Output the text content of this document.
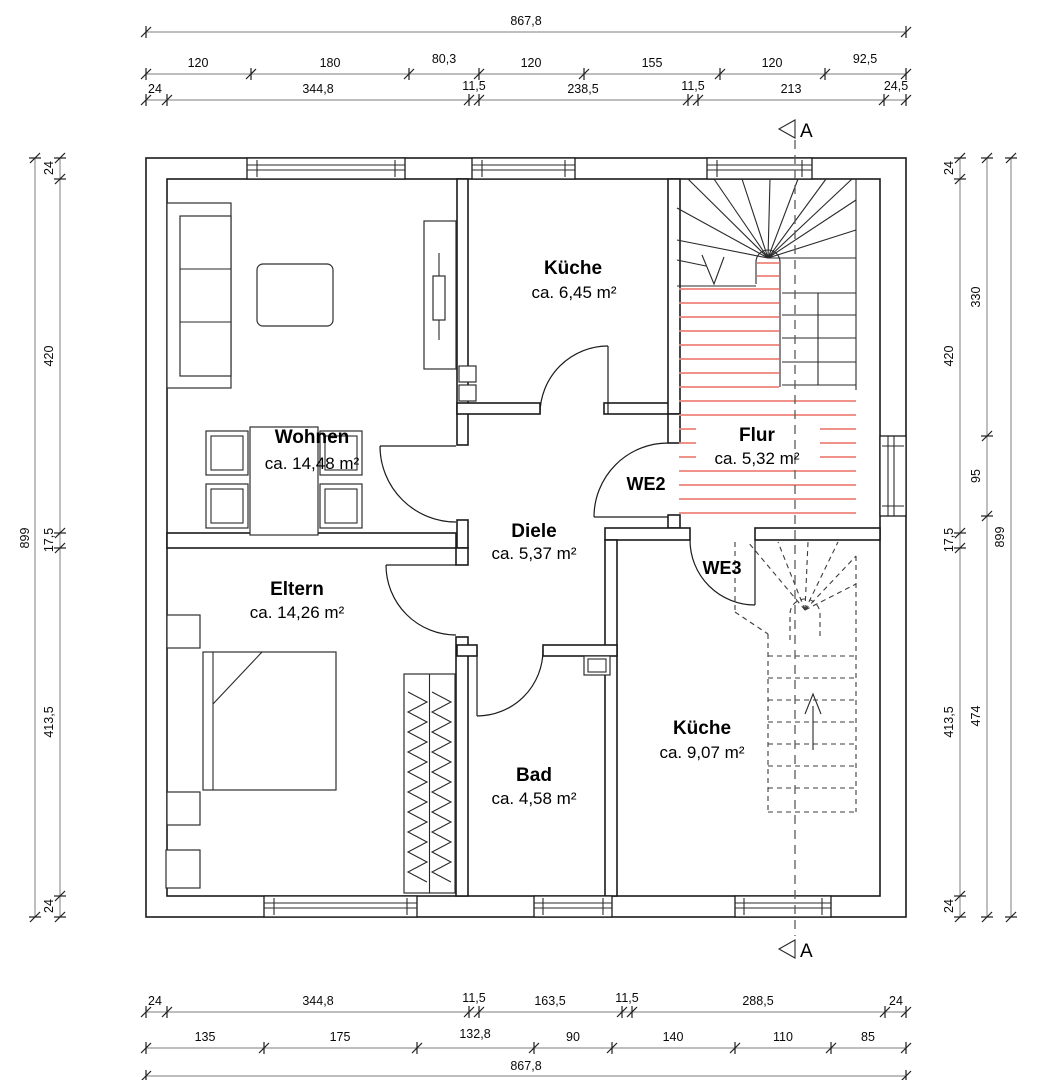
A
A
Wohnen
ca. 14,48 m²
Küche
ca. 6,45 m²
Flur
ca. 5,32 m²
Diele
ca. 5,37 m²
Eltern
ca. 14,26 m²
Bad
ca. 4,58 m²
Küche
ca. 9,07 m²
WE2
WE3
867,8
120	180	80,3	120	155	120	92,5
24	344,8	11,5	238,5	11,5	213	24,5
24	344,8	11,5	163,5	11,5	288,5	24
135	175	132,8	90	140	110	85
867,8
899
24
420
17,5
413,5
24
24
420
17,5
413,5
24
330
95
474
899
